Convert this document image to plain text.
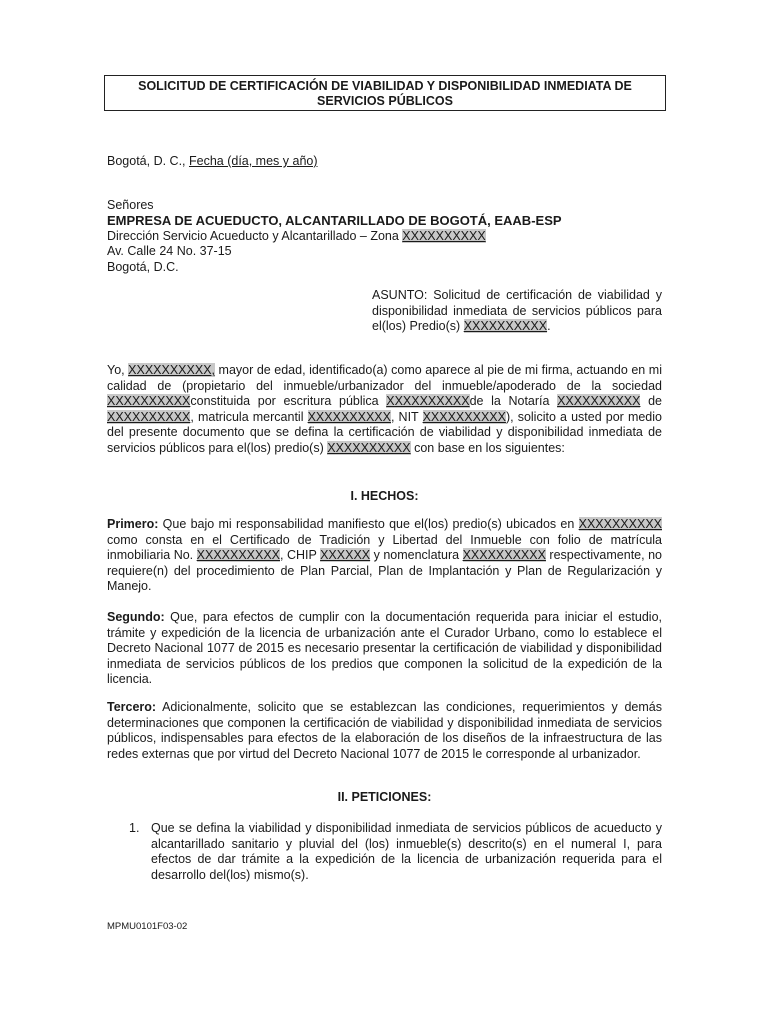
SOLICITUD DE CERTIFICACIÓN DE VIABILIDAD Y DISPONIBILIDAD INMEDIATA DE SERVICIOS PÚBLICOS
Bogotá, D. C., Fecha (día, mes y año)
Señores
EMPRESA DE ACUEDUCTO, ALCANTARILLADO DE BOGOTÁ, EAAB-ESP
Dirección Servicio Acueducto y Alcantarillado – Zona XXXXXXXXXX
Av. Calle 24 No. 37-15
Bogotá, D.C.
ASUNTO: Solicitud de certificación de viabilidad y disponibilidad inmediata de servicios públicos para el(los) Predio(s) XXXXXXXXXX.
Yo, XXXXXXXXXX, mayor de edad, identificado(a) como aparece al pie de mi firma, actuando en mi calidad de (propietario del inmueble/urbanizador del inmueble/apoderado de la sociedad XXXXXXXXXXconstituida por escritura pública XXXXXXXXXXde la Notaría XXXXXXXXXX de XXXXXXXXXX, matricula mercantil XXXXXXXXXX, NIT XXXXXXXXXX), solicito a usted por medio del presente documento que se defina la certificación de viabilidad y disponibilidad inmediata de servicios públicos para el(los) predio(s) XXXXXXXXXX con base en los siguientes:
I. HECHOS:
Primero: Que bajo mi responsabilidad manifiesto que el(los) predio(s) ubicados en XXXXXXXXXX como consta en el Certificado de Tradición y Libertad del Inmueble con folio de matrícula inmobiliaria No. XXXXXXXXXX, CHIP XXXXXX y nomenclatura XXXXXXXXXX respectivamente, no requiere(n) del procedimiento de Plan Parcial, Plan de Implantación y Plan de Regularización y Manejo.
Segundo: Que, para efectos de cumplir con la documentación requerida para iniciar el estudio, trámite y expedición de la licencia de urbanización ante el Curador Urbano, como lo establece el Decreto Nacional 1077 de 2015 es necesario presentar la certificación de viabilidad y disponibilidad inmediata de servicios públicos de los predios que componen la solicitud de la expedición de la licencia.
Tercero: Adicionalmente, solicito que se establezcan las condiciones, requerimientos y demás determinaciones que componen la certificación de viabilidad y disponibilidad inmediata de servicios públicos, indispensables para efectos de la elaboración de los diseños de la infraestructura de las redes externas que por virtud del Decreto Nacional 1077 de 2015 le corresponde al urbanizador.
II. PETICIONES:
1. Que se defina la viabilidad y disponibilidad inmediata de servicios públicos de acueducto y alcantarillado sanitario y pluvial del (los) inmueble(s) descrito(s) en el numeral I, para efectos de dar trámite a la expedición de la licencia de urbanización requerida para el desarrollo del(los) mismo(s).
MPMU0101F03-02
